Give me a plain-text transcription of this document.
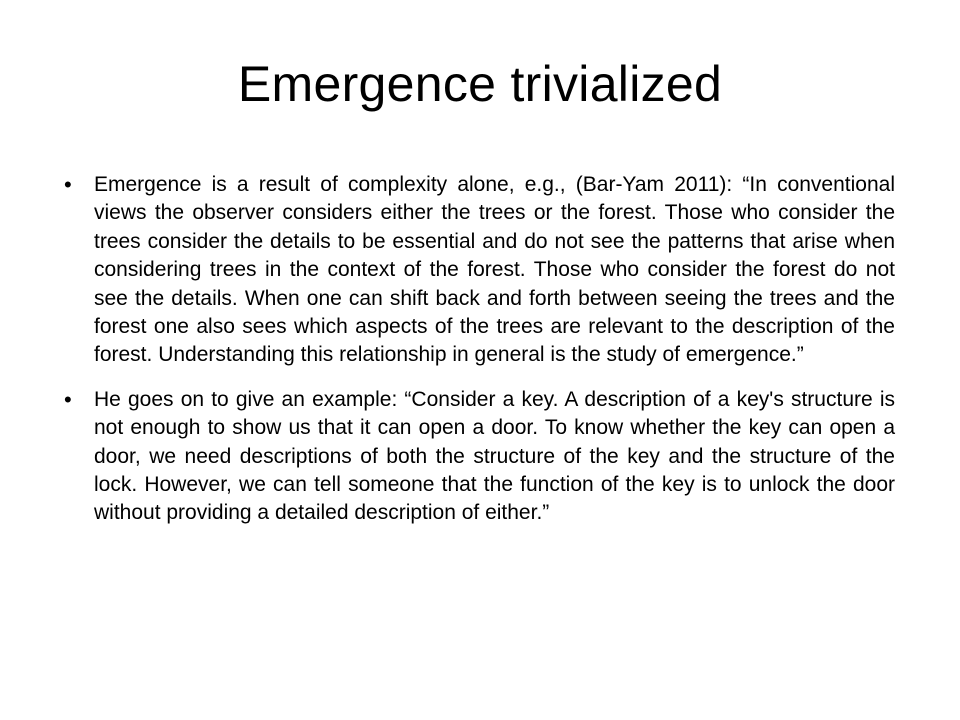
Emergence trivialized
• Emergence is a result of complexity alone, e.g., (Bar-Yam 2011): “In conventional views the observer considers either the trees or the forest. Those who consider the trees consider the details to be essential and do not see the patterns that arise when considering trees in the context of the forest. Those who consider the forest do not see the details. When one can shift back and forth between seeing the trees and the forest one also sees which aspects of the trees are relevant to the description of the forest. Understanding this relationship in general is the study of emergence.”
• He goes on to give an example: “Consider a key. A description of a key's structure is not enough to show us that it can open a door. To know whether the key can open a door, we need descriptions of both the structure of the key and the structure of the lock. However, we can tell someone that the function of the key is to unlock the door without providing a detailed description of either.”
